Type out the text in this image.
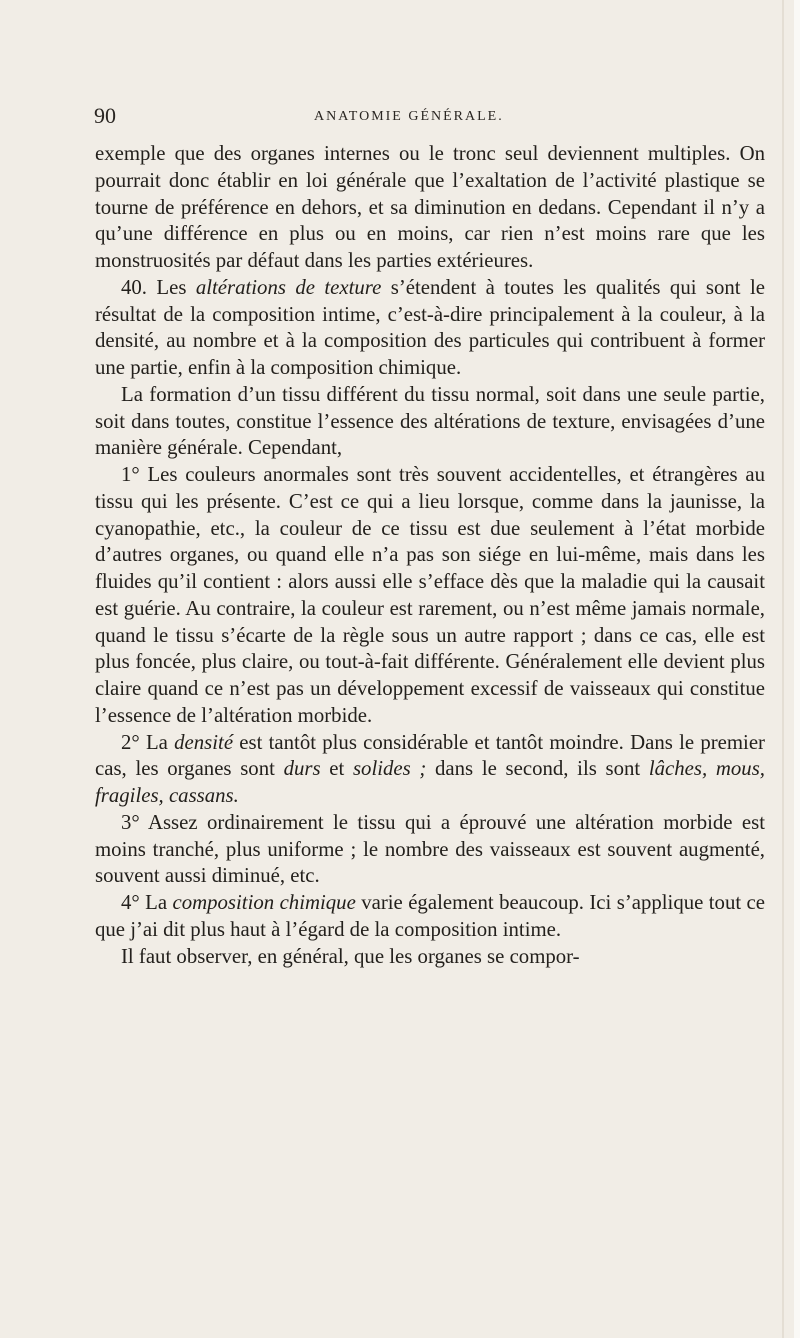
90	ANATOMIE GÉNÉRALE.

exemple que des organes internes ou le tronc seul deviennent multiples. On pourrait donc établir en loi générale que l’exaltation de l’activité plastique se tourne de préférence en dehors, et sa diminution en dedans. Cependant il n’y a qu’une différence en plus ou en moins, car rien n’est moins rare que les monstruosités par défaut dans les parties extérieures.

40. Les altérations de texture s’étendent à toutes les qualités qui sont le résultat de la composition intime, c’est-à-dire principalement à la couleur, à la densité, au nombre et à la composition des particules qui contribuent à former une partie, enfin à la composition chimique.

La formation d’un tissu différent du tissu normal, soit dans une seule partie, soit dans toutes, constitue l’essence des altérations de texture, envisagées d’une manière générale. Cependant,

1° Les couleurs anormales sont très souvent accidentelles, et étrangères au tissu qui les présente. C’est ce qui a lieu lorsque, comme dans la jaunisse, la cyanopathie, etc., la couleur de ce tissu est due seulement à l’état morbide d’autres organes, ou quand elle n’a pas son siége en lui-même, mais dans les fluides qu’il contient : alors aussi elle s’efface dès que la maladie qui la causait est guérie. Au contraire, la couleur est rarement, ou n’est même jamais normale, quand le tissu s’écarte de la règle sous un autre rapport ; dans ce cas, elle est plus foncée, plus claire, ou tout-à-fait différente. Généralement elle devient plus claire quand ce n’est pas un développement excessif de vaisseaux qui constitue l’essence de l’altération morbide.

2° La densité est tantôt plus considérable et tantôt moindre. Dans le premier cas, les organes sont durs et solides ; dans le second, ils sont lâches, mous, fragiles, cassans.

3° Assez ordinairement le tissu qui a éprouvé une altération morbide est moins tranché, plus uniforme ; le nombre des vaisseaux est souvent augmenté, souvent aussi diminué, etc.

4° La composition chimique varie également beaucoup. Ici s’applique tout ce que j’ai dit plus haut à l’égard de la composition intime.

Il faut observer, en général, que les organes se compor-
